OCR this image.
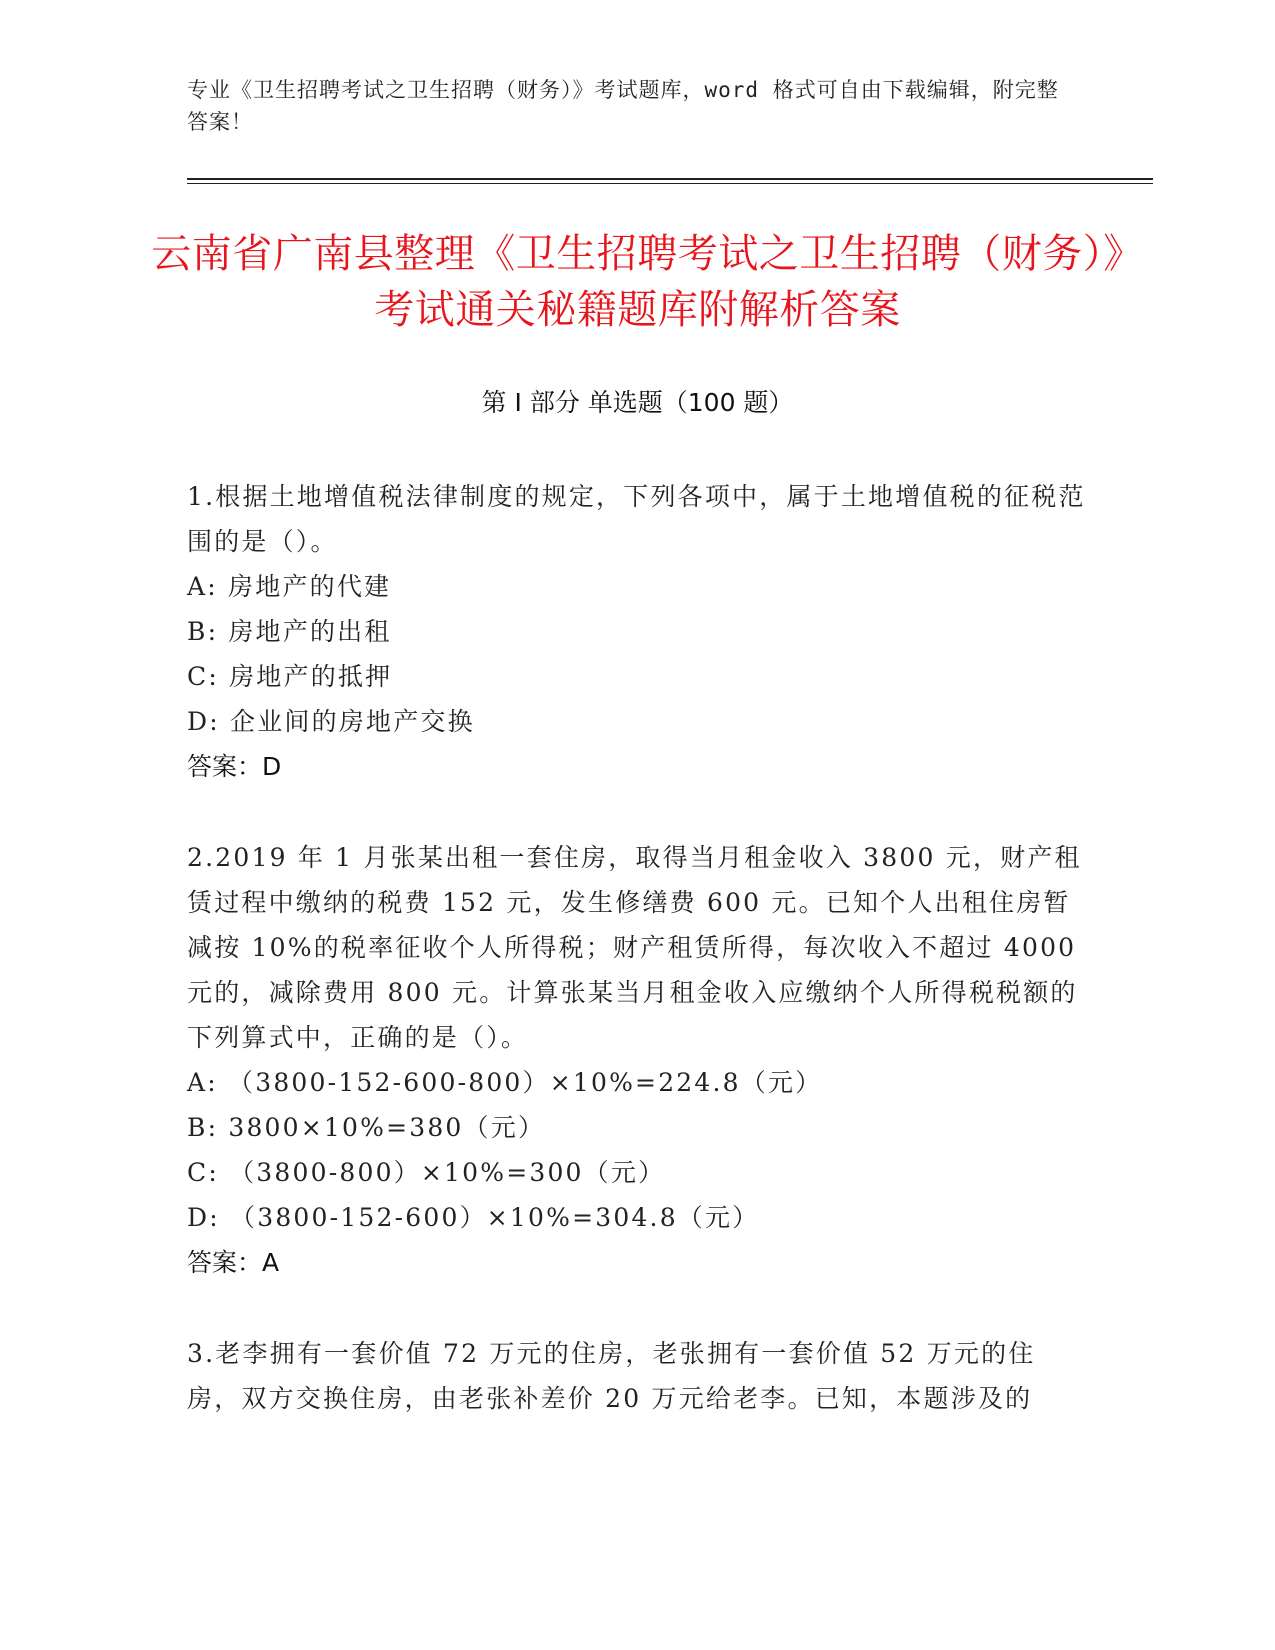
专业《卫生招聘考试之卫生招聘（财务）》考试题库，word 格式可自由下载编辑，附完整答案！
云南省广南县整理《卫生招聘考试之卫生招聘（财务）》考试通关秘籍题库附解析答案
第 I 部分 单选题（100 题）

1.根据土地增值税法律制度的规定，下列各项中，属于土地增值税的征税范围的是（）。

A: 房地产的代建

B: 房地产的出租

C: 房地产的抵押

D: 企业间的房地产交换

答案：D

2.2019 年 1 月张某出租一套住房，取得当月租金收入 3800 元，财产租赁过程中缴纳的税费 152 元，发生修缮费 600 元。已知个人出租住房暂减按 10%的税率征收个人所得税；财产租赁所得，每次收入不超过 4000 元的，减除费用 800 元。计算张某当月租金收入应缴纳个人所得税税额的下列算式中，正确的是（）。

A: （3800-152-600-800）×10%=224.8（元）

B: 3800×10%=380（元）

C: （3800-800）×10%=300（元）

D: （3800-152-600）×10%=304.8（元）

答案：A

3.老李拥有一套价值 72 万元的住房，老张拥有一套价值 52 万元的住房，双方交换住房，由老张补差价 20 万元给老李。已知，本题涉及的
